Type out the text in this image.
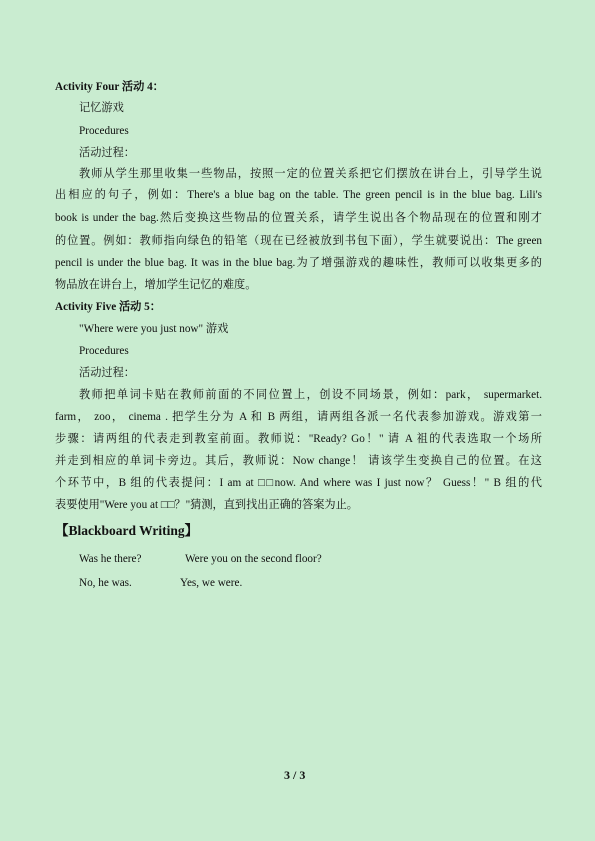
Activity Four 活动 4：
记忆游戏
Procedures
活动过程：
教师从学生那里收集一些物品，按照一定的位置关系把它们摆放在讲台上，引导学生说
出相应的句子，例如：There's a blue bag on the table. The green pencil is in the blue bag. Lili's
book is under the bag.然后变换这些物品的位置关系，请学生说出各个物品现在的位置和刚才
的位置。例如：教师指向绿色的铅笔（现在已经被放到书包下面），学生就要说出：The green
pencil is under the blue bag. It was in the blue bag.为了增强游戏的趣味性，教师可以收集更多的
物品放在讲台上，增加学生记忆的难度。
Activity Five 活动 5：
"Where were you just now" 游戏
Procedures
活动过程：
教师把单词卡贴在教师前面的不同位置上，创设不同场景，例如：park， supermarket.
farm， zoo， cinema . 把学生分为 A 和 B 两组，请两组各派一名代表参加游戏。游戏第一
步骤：请两组的代表走到教室前面。教师说："Ready? Go！" 请 A 祖的代表选取一个场所
并走到相应的单词卡旁边。其后，教师说：Now change！ 请该学生变换自己的位置。在这
个环节中，B 组的代表提问：I am at □□now. And where was I just now？ Guess！" B 组的代
表要使用"Were you at □□？"猜测，直到找出正确的答案为止。
【Blackboard Writing】
Was he there?	Were you on the second floor?
No, he was.	Yes, we were.
3 / 3
